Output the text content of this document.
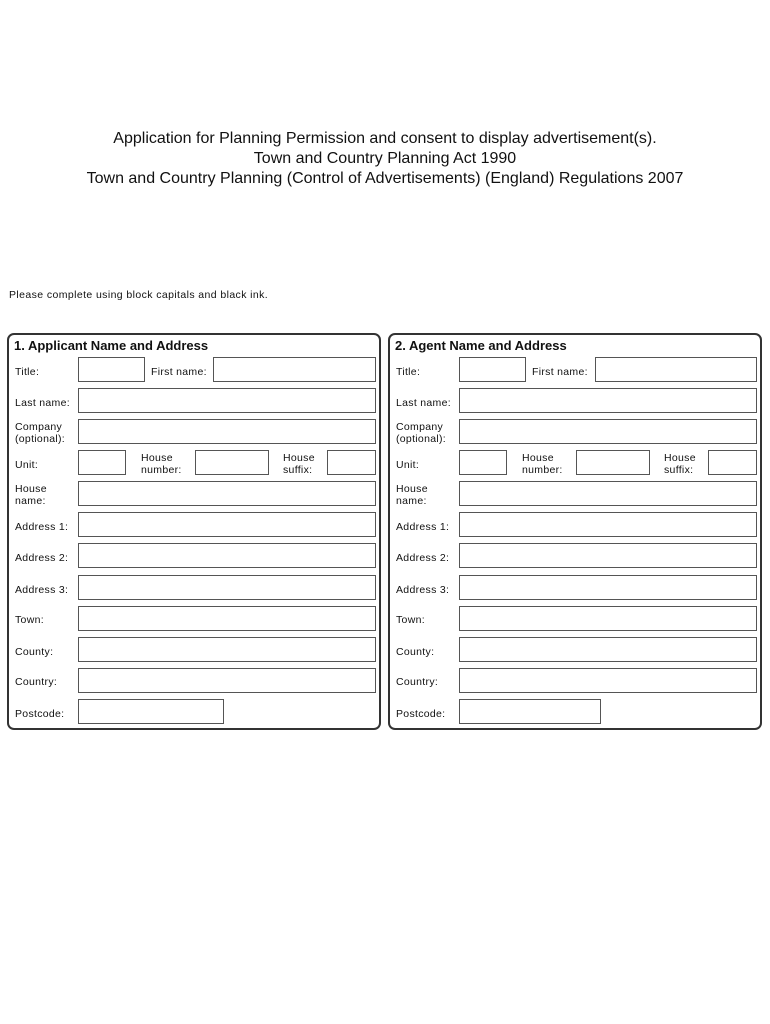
Application for Planning Permission and consent to display advertisement(s).
Town and Country Planning Act 1990
Town and Country Planning (Control of Advertisements) (England) Regulations 2007
Please complete using block capitals and black ink.
1. Applicant Name and Address
Title:	First name:
Last name:
Company
(optional):
Unit:
House
number:
House
suffix:
House
name:
Address 1:
Address 2:
Address 3:
Town:
County:
Country:
Postcode:
2. Agent Name and Address
Title:	First name:
Last name:
Company
(optional):
Unit:
House
number:
House
suffix:
House
name:
Address 1:
Address 2:
Address 3:
Town:
County:
Country:
Postcode:
